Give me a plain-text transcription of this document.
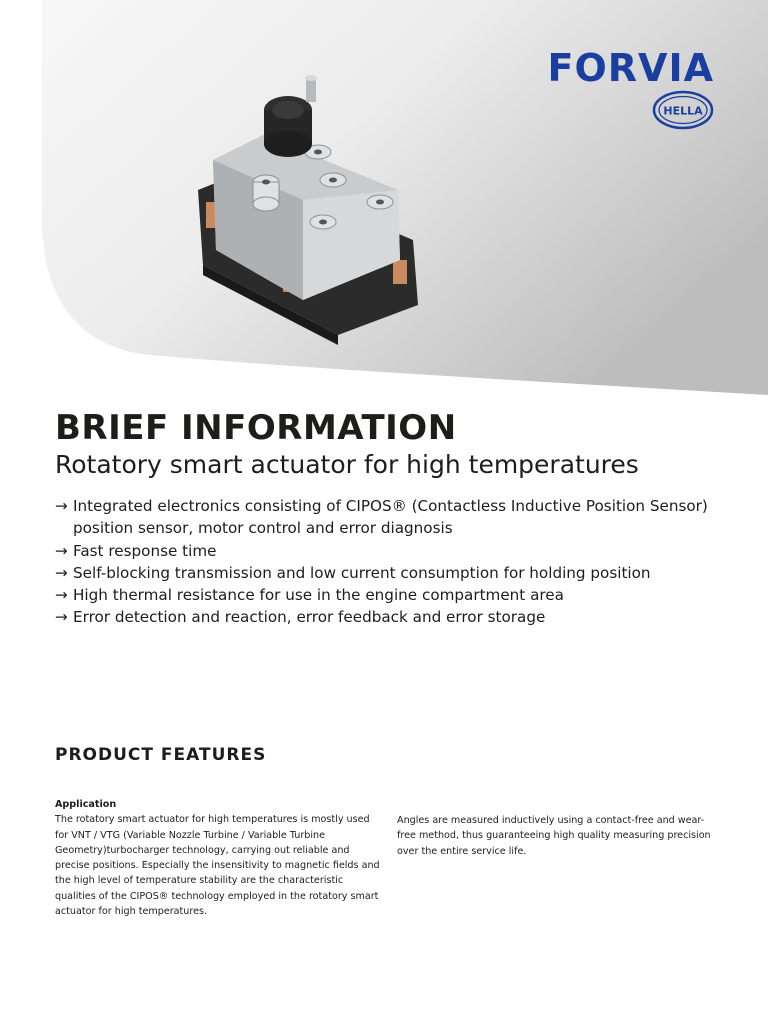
FORVIA
HELLA
BRIEF INFORMATION
Rotatory smart actuator for high temperatures
→ Integrated electronics consisting of CIPOS® (Contactless Inductive Position Sensor) position sensor, motor control and error diagnosis
→ Fast response time
→ Self-blocking transmission and low current consumption for holding position
→ High thermal resistance for use in the engine compartment area
→ Error detection and reaction, error feedback and error storage
PRODUCT FEATURES

Application

The rotatory smart actuator for high temperatures is mostly used for VNT / VTG (Variable Nozzle Turbine / Variable Turbine Geometry)turbocharger technology, carrying out reliable and precise positions. Especially the insensitivity to magnetic fields and the high level of temperature stability are the characteristic qualities of the CIPOS® technology employed in the rotatory smart actuator for high temperatures.

Angles are measured inductively using a contact-free and wear-free method, thus guaranteeing high quality measuring precision over the entire service life.
